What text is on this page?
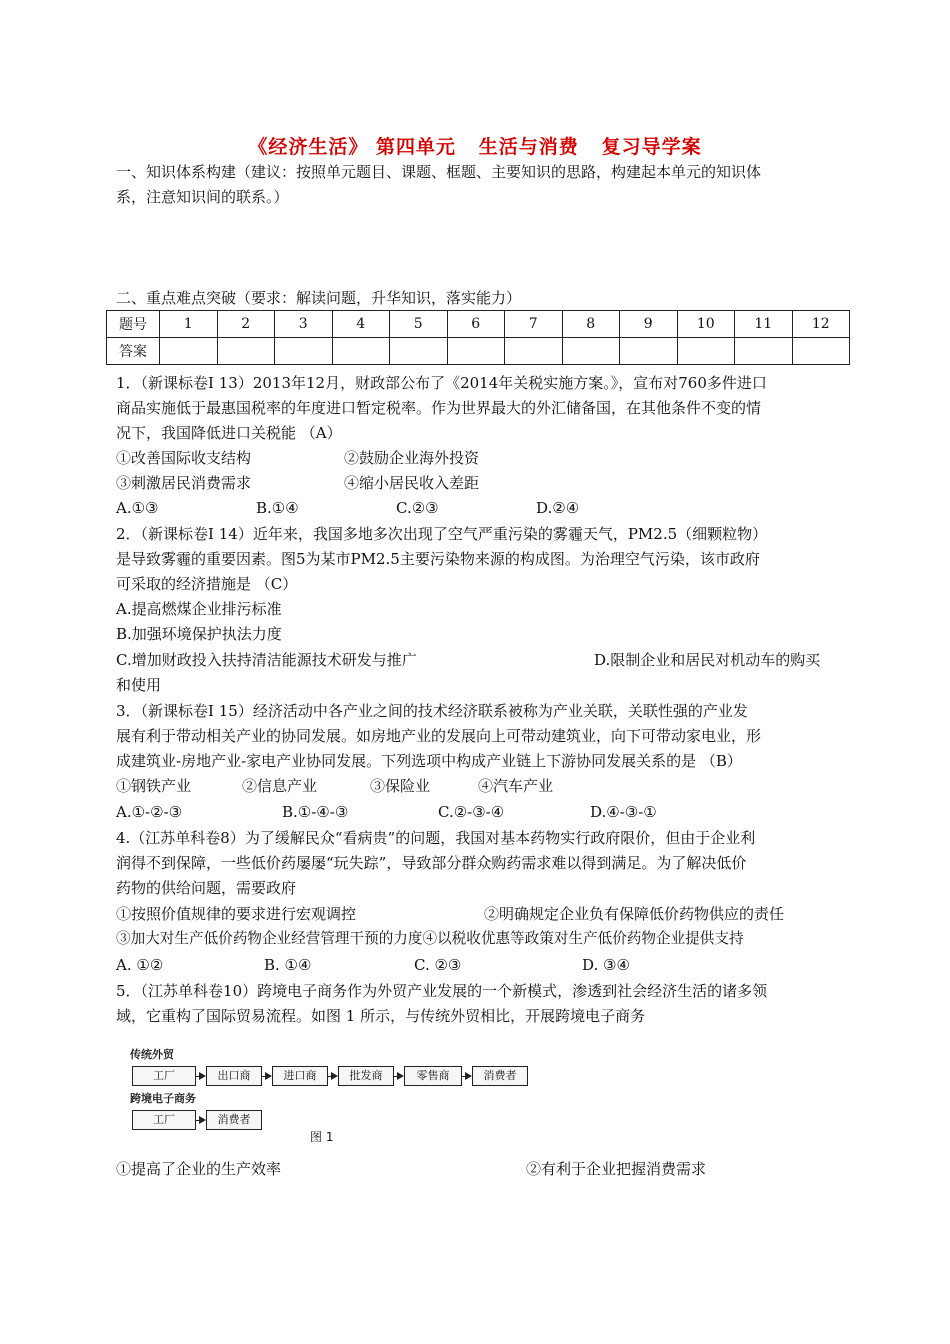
《经济生活》 第四单元   生活与消费   复习导学案
一、知识体系构建（建议：按照单元题目、课题、框题、主要知识的思路，构建起本单元的知识体
系，注意知识间的联系。）
二、重点难点突破（要求：解读问题，升华知识，落实能力）
题号	1	2	3	4	5	6	7	8	9	10	11	12
答案												
1．（新课标卷Ⅰ 13）2013年12月，财政部公布了《2014年关税实施方案。》，宣布对760多件进口
商品实施低于最惠国税率的年度进口暂定税率。作为世界最大的外汇储备国，在其他条件不变的情
况下，我国降低进口关税能 （A）
①改善国际收支结构	②鼓励企业海外投资
③刺激居民消费需求	④缩小居民收入差距
A.①③	B.①④	C.②③	D.②④
2．（新课标卷Ⅰ 14）近年来，我国多地多次出现了空气严重污染的雾霾天气，PM2.5（细颗粒物）
是导致雾霾的重要因素。图5为某市PM2.5主要污染物来源的构成图。为治理空气污染，该市政府
可采取的经济措施是 （C）
A.提高燃煤企业排污标准
B.加强环境保护执法力度
C.增加财政投入扶持清洁能源技术研发与推广	D.限制企业和居民对机动车的购买
和使用
3．（新课标卷Ⅰ 15）经济活动中各产业之间的技术经济联系被称为产业关联，关联性强的产业发
展有利于带动相关产业的协同发展。如房地产业的发展向上可带动建筑业，向下可带动家电业，形
成建筑业-房地产业-家电产业协同发展。下列选项中构成产业链上下游协同发展关系的是 （B）
①钢铁产业	②信息产业	③保险业	④汽车产业
A.①-②-③	B.①-④-③	C.②-③-④	D.④-③-①
4.（江苏单科卷8）为了缓解民众“看病贵”的问题，我国对基本药物实行政府限价，但由于企业利
润得不到保障，一些低价药屡屡“玩失踪”，导致部分群众购药需求难以得到满足。为了解决低价
药物的供给问题，需要政府
①按照价值规律的要求进行宏观调控	②明确规定企业负有保障低价药物供应的责任
③加大对生产低价药物企业经营管理干预的力度④以税收优惠等政策对生产低价药物企业提供支持
A. ①②	B. ①④	C. ②③	D. ③④
5．（江苏单科卷10）跨境电子商务作为外贸产业发展的一个新模式，渗透到社会经济生活的诸多领
域，它重构了国际贸易流程。如图 1 所示，与传统外贸相比，开展跨境电子商务
传统外贸
工厂	出口商	进口商	批发商	零售商	消费者
跨境电子商务
工厂	消费者
图 1
①提高了企业的生产效率	②有利于企业把握消费需求
